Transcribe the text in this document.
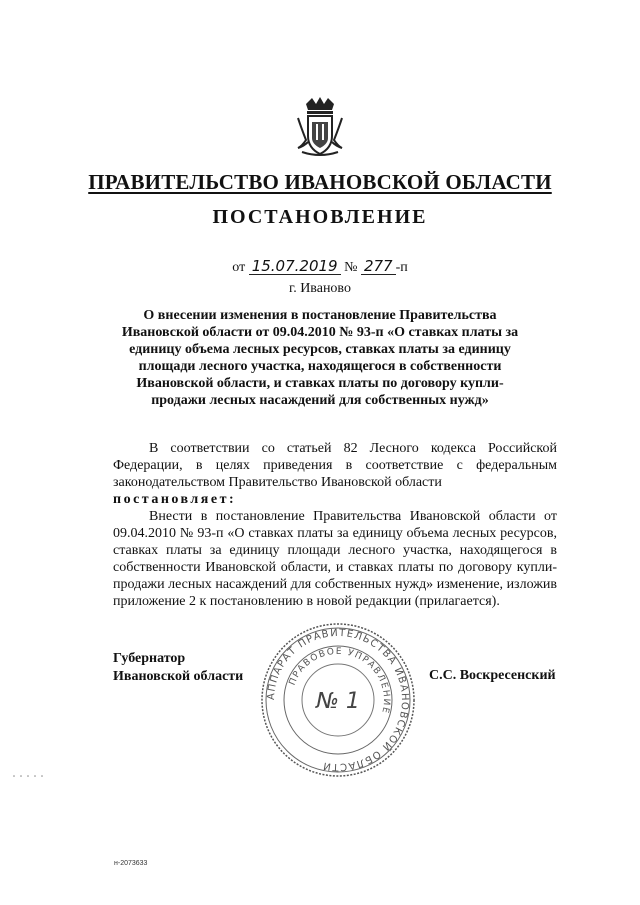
ПРАВИТЕЛЬСТВО ИВАНОВСКОЙ ОБЛАСТИ
ПОСТАНОВЛЕНИЕ
от 15.07.2019 № 277 -п
г. Иваново
О внесении изменения в постановление Правительства Ивановской области от 09.04.2010 № 93-п «О ставках платы за единицу объема лесных ресурсов, ставках платы за единицу площади лесного участка, находящегося в собственности Ивановской области, и ставках платы по договору купли-продажи лесных насаждений для собственных нужд»

В соответствии со статьей 82 Лесного кодекса Российской Федерации, в целях приведения в соответствие с федеральным законодательством Правительство Ивановской области

постановляет:

Внести в постановление Правительства Ивановской области от 09.04.2010 № 93-п «О ставках платы за единицу объема лесных ресурсов, ставках платы за единицу площади лесного участка, находящегося в собственности Ивановской области, и ставках платы по договору купли-продажи лесных насаждений для собственных нужд» изменение, изложив приложение 2 к постановлению в новой редакции (прилагается).

Губернатор
Ивановской области
АППАРАТ ПРАВИТЕЛЬСТВА ИВАНОВСКОЙ ОБЛАСТИ
ПРАВОВОЕ УПРАВЛЕНИЕ
№ 1
С.С. Воскресенский
н-2073633
